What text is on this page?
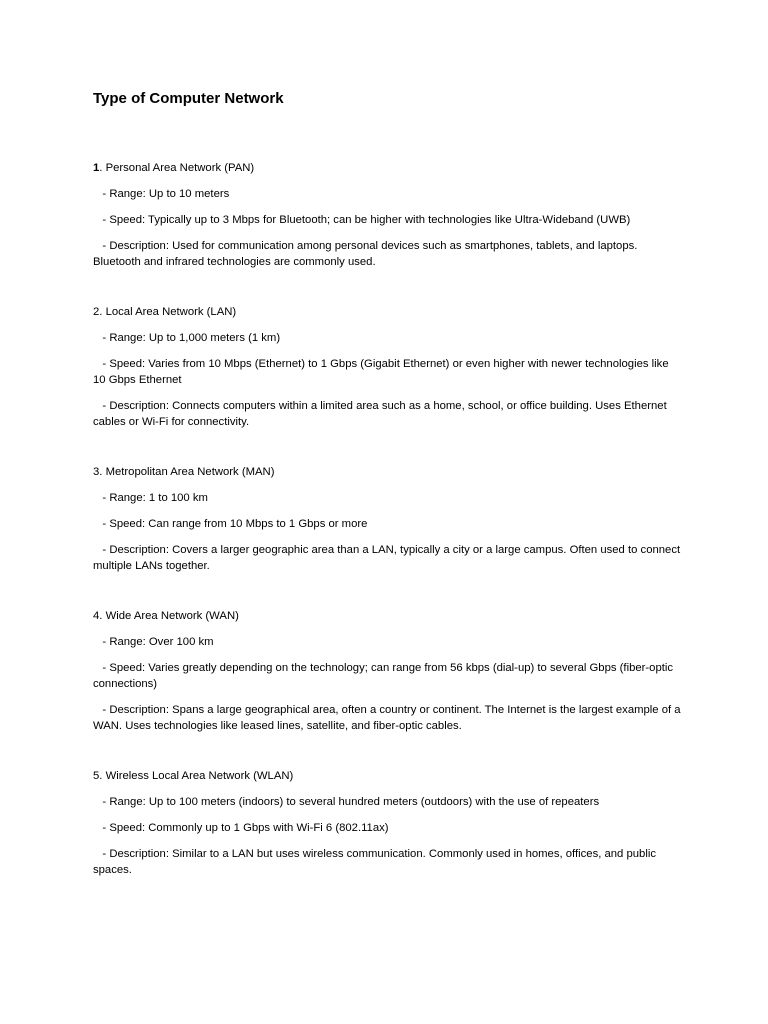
Type of Computer Network

1. Personal Area Network (PAN)

- Range: Up to 10 meters

- Speed: Typically up to 3 Mbps for Bluetooth; can be higher with technologies like Ultra-Wideband (UWB)

- Description: Used for communication among personal devices such as smartphones, tablets, and laptops. Bluetooth and infrared technologies are commonly used.

2. Local Area Network (LAN)

- Range: Up to 1,000 meters (1 km)

- Speed: Varies from 10 Mbps (Ethernet) to 1 Gbps (Gigabit Ethernet) or even higher with newer technologies like 10 Gbps Ethernet

- Description: Connects computers within a limited area such as a home, school, or office building. Uses Ethernet cables or Wi-Fi for connectivity.

3. Metropolitan Area Network (MAN)

- Range: 1 to 100 km

- Speed: Can range from 10 Mbps to 1 Gbps or more

- Description: Covers a larger geographic area than a LAN, typically a city or a large campus. Often used to connect multiple LANs together.

4. Wide Area Network (WAN)

- Range: Over 100 km

- Speed: Varies greatly depending on the technology; can range from 56 kbps (dial-up) to several Gbps (fiber-optic connections)

- Description: Spans a large geographical area, often a country or continent. The Internet is the largest example of a WAN. Uses technologies like leased lines, satellite, and fiber-optic cables.

5. Wireless Local Area Network (WLAN)

- Range: Up to 100 meters (indoors) to several hundred meters (outdoors) with the use of repeaters

- Speed: Commonly up to 1 Gbps with Wi-Fi 6 (802.11ax)

- Description: Similar to a LAN but uses wireless communication. Commonly used in homes, offices, and public spaces.
